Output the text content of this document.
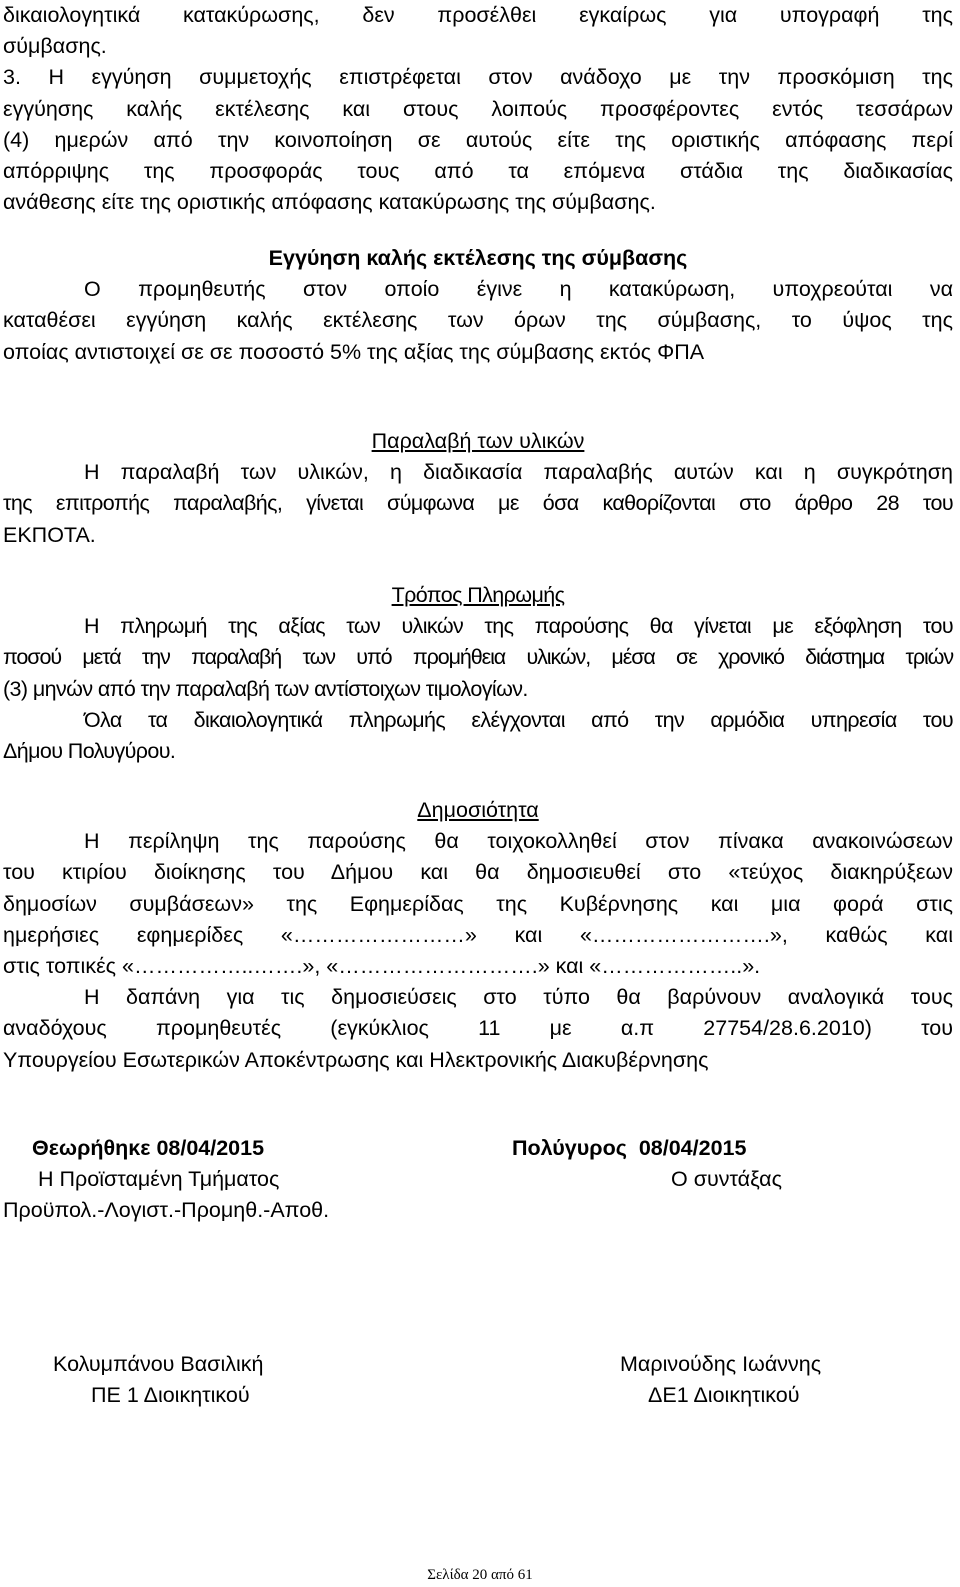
δικαιολογητικά κατακύρωσης, δεν προσέλθει εγκαίρως για υπογραφή της
σύμβασης.
3. Η εγγύηση συμμετοχής επιστρέφεται στον ανάδοχο με την προσκόμιση της
εγγύησης καλής εκτέλεσης και στους λοιπούς προσφέροντες εντός τεσσάρων
(4) ημερών από την κοινοποίηση σε αυτούς είτε της οριστικής απόφασης περί
απόρριψης της προσφοράς τους από τα επόμενα στάδια της διαδικασίας
ανάθεσης είτε της οριστικής απόφασης κατακύρωσης της σύμβασης.
Εγγύηση καλής εκτέλεσης της σύμβασης
Ο προμηθευτής στον οποίο έγινε η κατακύρωση, υποχρεούται να
καταθέσει εγγύηση καλής εκτέλεσης των όρων της σύμβασης, το ύψος της
οποίας αντιστοιχεί σε σε ποσοστό 5% της αξίας της σύμβασης εκτός ΦΠΑ
Παραλαβή των υλικών
Η παραλαβή των υλικών, η διαδικασία παραλαβής αυτών και η συγκρότηση
της επιτροπής παραλαβής, γίνεται σύμφωνα με όσα καθορίζονται στο άρθρο 28 του
ΕΚΠΟΤΑ.
Τρόπος Πληρωμής
Η πληρωμή της αξίας των υλικών της παρούσης θα γίνεται με εξόφληση του
ποσού μετά την παραλαβή των υπό προμήθεια υλικών, μέσα σε χρονικό διάστημα τριών
(3) μηνών από την παραλαβή των αντίστοιχων τιμολογίων.
Όλα τα δικαιολογητικά πληρωμής ελέγχονται από την αρμόδια υπηρεσία του
Δήμου Πολυγύρου.
Δημοσιότητα
Η περίληψη της παρούσης θα τοιχοκολληθεί στον πίνακα ανακοινώσεων
του κτιρίου διοίκησης του Δήμου και θα δημοσιευθεί στο «τεύχος διακηρύξεων
δημοσίων συμβάσεων» της Εφημερίδας της Κυβέρνησης και μια φορά στις
ημερήσιες εφημερίδες «……………………» και «…………………….», καθώς και
στις τοπικές «……………..…….», «……………………….» και «………………..».
Η δαπάνη για τις δημοσιεύσεις στο τύπο θα βαρύνουν αναλογικά τους
αναδόχους προμηθευτές (εγκύκλιος 11 με α.π 27754/28.6.2010) του
Υπουργείου Εσωτερικών Αποκέντρωσης και Ηλεκτρονικής Διακυβέρνησης
Θεωρήθηκε 08/04/2015
Η Προϊσταμένη Τμήματος
Προϋπολ.-Λογιστ.-Προμηθ.-Αποθ.
Πολύγυρος  08/04/2015
Ο συντάξας
Κολυμπάνου Βασιλική
ΠΕ 1 Διοικητικού
Μαρινούδης Ιωάννης
ΔΕ1 Διοικητικού
Σελίδα 20 από 61
